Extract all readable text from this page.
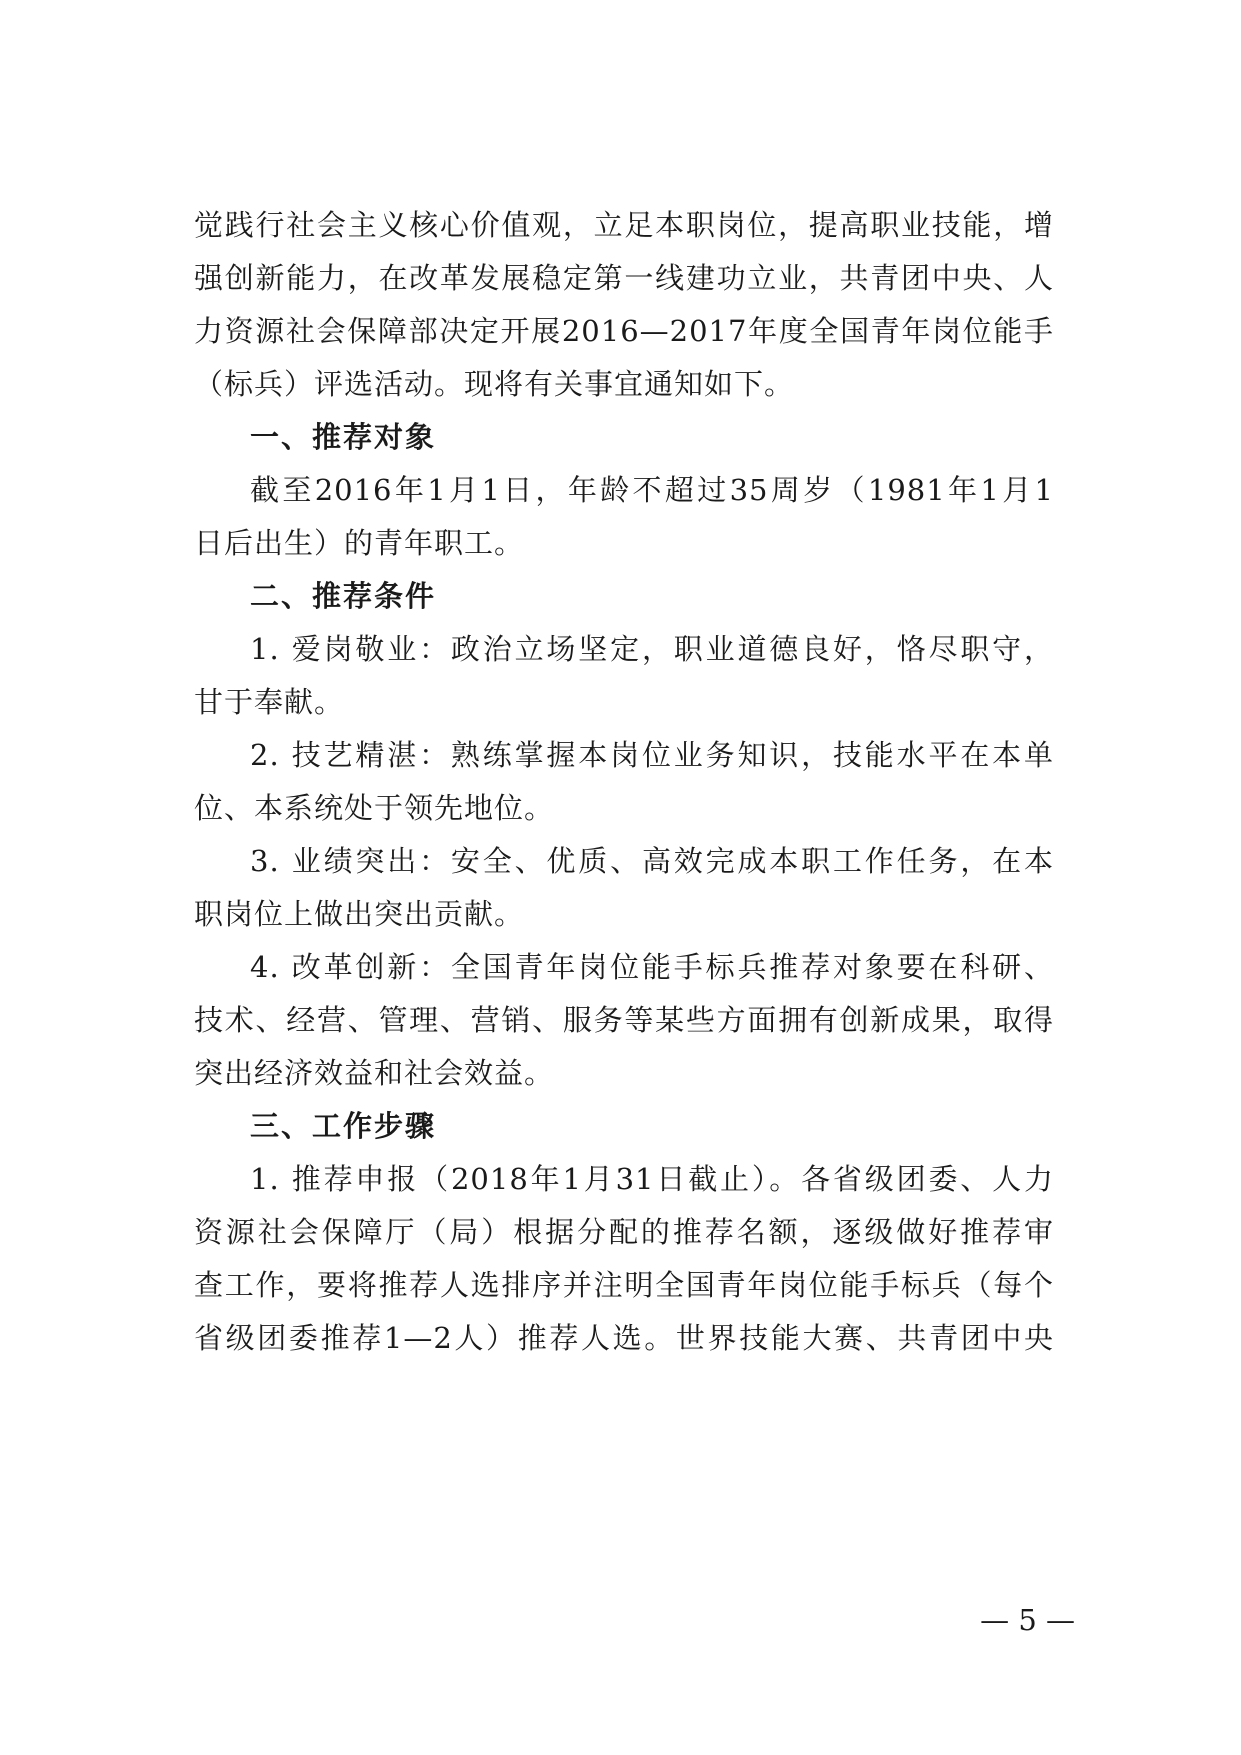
觉践行社会主义核心价值观，立足本职岗位，提高职业技能，增
强创新能力，在改革发展稳定第一线建功立业，共青团中央、人
力资源社会保障部决定开展2016—2017年度全国青年岗位能手
（标兵）评选活动。现将有关事宜通知如下。
一、推荐对象
截至2016年1月1日，年龄不超过35周岁（1981年1月1
日后出生）的青年职工。
二、推荐条件
1. 爱岗敬业：政治立场坚定，职业道德良好，恪尽职守，
甘于奉献。
2. 技艺精湛：熟练掌握本岗位业务知识，技能水平在本单
位、本系统处于领先地位。
3. 业绩突出：安全、优质、高效完成本职工作任务，在本
职岗位上做出突出贡献。
4. 改革创新：全国青年岗位能手标兵推荐对象要在科研、
技术、经营、管理、营销、服务等某些方面拥有创新成果，取得
突出经济效益和社会效益。
三、工作步骤
1. 推荐申报（2018年1月31日截止）。各省级团委、人力
资源社会保障厅（局）根据分配的推荐名额，逐级做好推荐审
查工作，要将推荐人选排序并注明全国青年岗位能手标兵（每个
省级团委推荐1—2人）推荐人选。世界技能大赛、共青团中央
— 5 —
